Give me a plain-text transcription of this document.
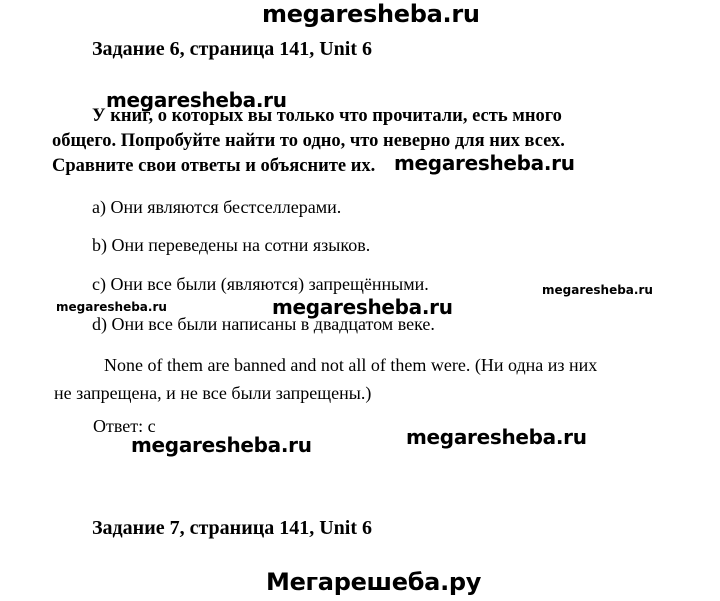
megaresheba.ru
Задание 6, страница 141, Unit 6
У книг, о которых вы только что прочитали, есть много
общего. Попробуйте найти то одно, что неверно для них всех.
Сравните свои ответы и объясните их.
megaresheba.ru
megaresheba.ru
a) Они являются бестселлерами.
b) Они переведены на сотни языков.
c) Они все были (являются) запрещёнными.
d) Они все были написаны в двадцатом веке.
megaresheba.ru
megaresheba.ru
megaresheba.ru
None of them are banned and not all of them were. (Ни одна из них
не запрещена, и не все были запрещены.)
Ответ: с
megaresheba.ru	megaresheba.ru
Задание 7, страница 141, Unit 6
Мегарешеба.ру
